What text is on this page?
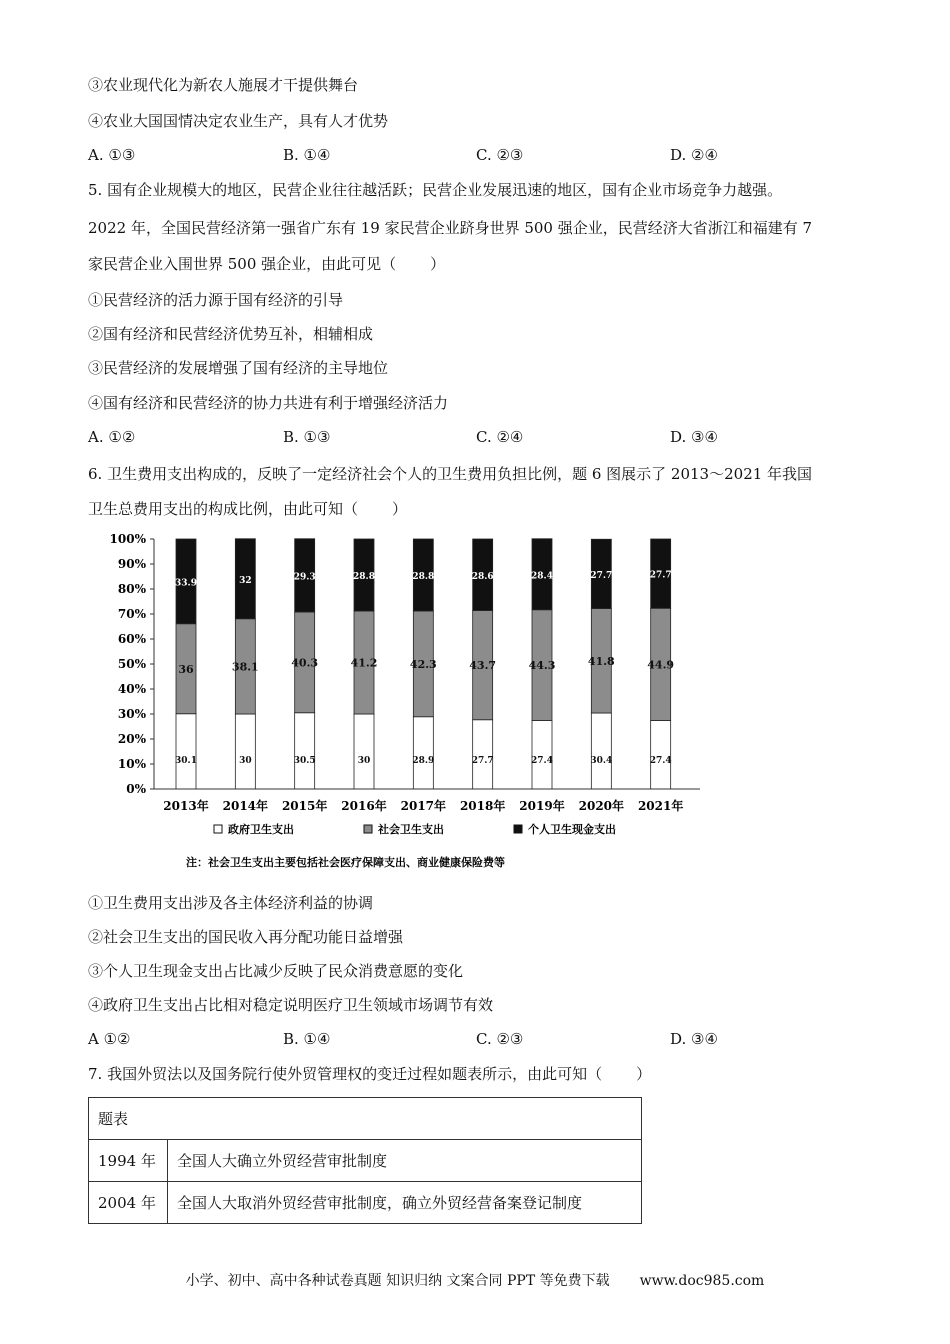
③农业现代化为新农人施展才干提供舞台
④农业大国国情决定农业生产，具有人才优势
A. ①③	B. ①④	C. ②③	D. ②④
5. 国有企业规模大的地区，民营企业往往越活跃；民营企业发展迅速的地区，国有企业市场竞争力越强。
2022 年，全国民营经济第一强省广东有 19 家民营企业跻身世界 500 强企业，民营经济大省浙江和福建有 7
家民营企业入围世界 500 强企业，由此可见（ ）
①民营经济的活力源于国有经济的引导
②国有经济和民营经济优势互补，相辅相成
③民营经济的发展增强了国有经济的主导地位
④国有经济和民营经济的协力共进有利于增强经济活力
A. ①②	B. ①③	C. ②④	D. ③④
6. 卫生费用支出构成的，反映了一定经济社会个人的卫生费用负担比例，题 6 图展示了 2013～2021 年我国
卫生总费用支出的构成比例，由此可知（ ）
0%
10%
20%
30%
40%
50%
60%
70%
80%
90%
100%
30.1
36
33.9
30
38.1
32
30.5
40.3
29.3
30
41.2
28.8
28.9
42.3
28.8
27.7
43.7
28.6
27.4
44.3
28.4
30.4
41.8
27.7
27.4
44.9
27.7
2013年 2014年 2015年 2016年 2017年 2018年 2019年 2020年 2021年
政府卫生支出	社会卫生支出	个人卫生现金支出
注：社会卫生支出主要包括社会医疗保障支出、商业健康保险费等
①卫生费用支出涉及各主体经济利益的协调
②社会卫生支出的国民收入再分配功能日益增强
③个人卫生现金支出占比减少反映了民众消费意愿的变化
④政府卫生支出占比相对稳定说明医疗卫生领域市场调节有效
A ①②	B. ①④	C. ②③	D. ③④
7. 我国外贸法以及国务院行使外贸管理权的变迁过程如题表所示，由此可知（ ）
题表	
1994 年	全国人大确立外贸经营审批制度
2004 年	全国人大取消外贸经营审批制度，确立外贸经营备案登记制度
小学、初中、高中各种试卷真题 知识归纳 文案合同 PPT 等免费下载 www.doc985.com
